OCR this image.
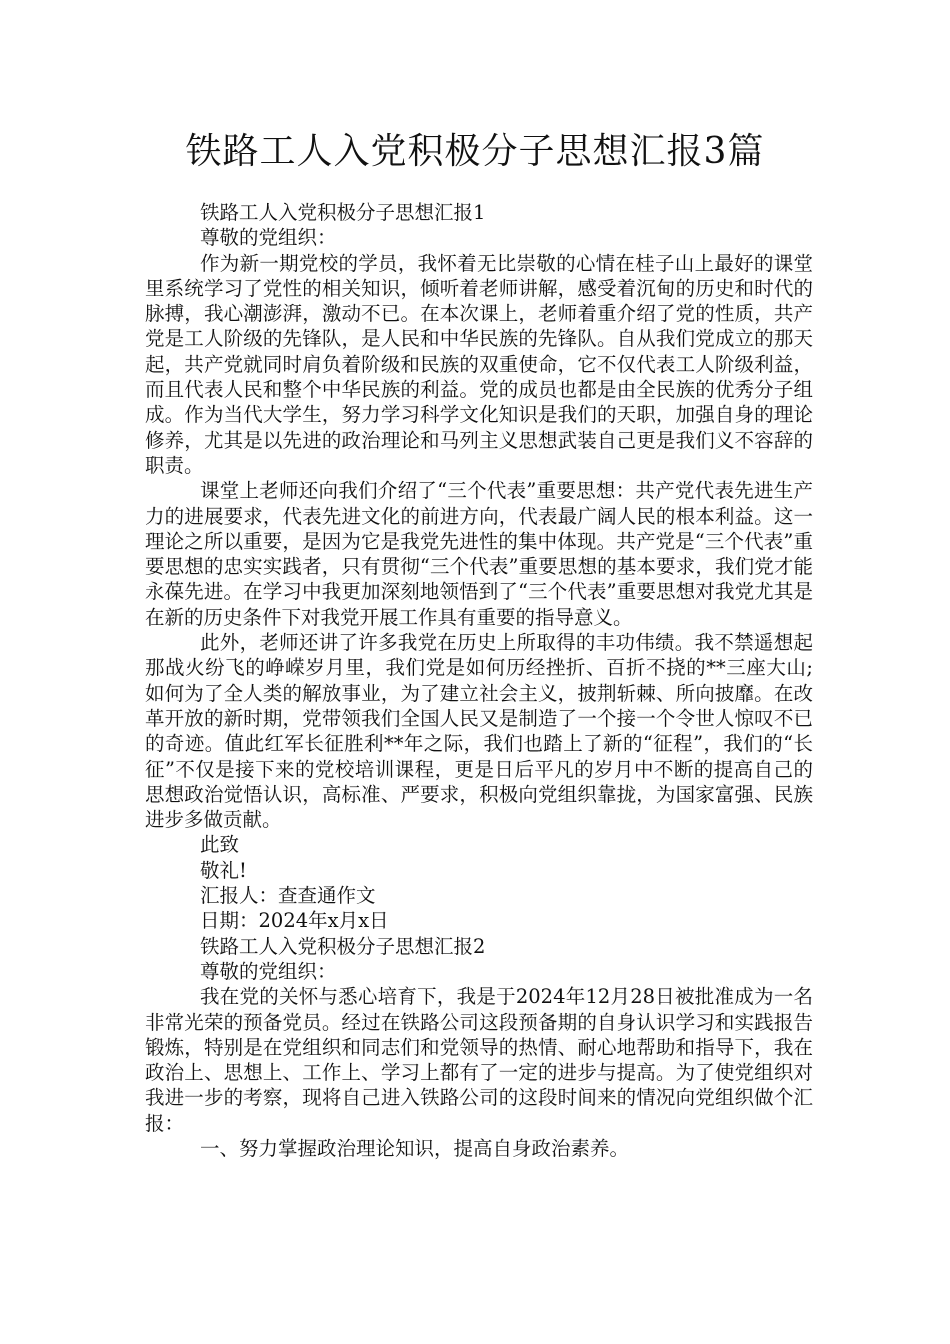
铁路工人入党积极分子思想汇报3篇

铁路工人入党积极分子思想汇报1

尊敬的党组织：

作为新一期党校的学员，我怀着无比崇敬的心情在桂子山上最好的课堂里系统学习了党性的相关知识，倾听着老师讲解，感受着沉甸的历史和时代的脉搏，我心潮澎湃，激动不已。在本次课上，老师着重介绍了党的性质，共产党是工人阶级的先锋队，是人民和中华民族的先锋队。自从我们党成立的那天起，共产党就同时肩负着阶级和民族的双重使命，它不仅代表工人阶级利益，而且代表人民和整个中华民族的利益。党的成员也都是由全民族的优秀分子组成。作为当代大学生，努力学习科学文化知识是我们的天职，加强自身的理论修养，尤其是以先进的政治理论和马列主义思想武装自己更是我们义不容辞的职责。

课堂上老师还向我们介绍了“三个代表”重要思想：共产党代表先进生产力的进展要求，代表先进文化的前进方向，代表最广阔人民的根本利益。这一理论之所以重要，是因为它是我党先进性的集中体现。共产党是“三个代表”重要思想的忠实实践者，只有贯彻“三个代表”重要思想的基本要求，我们党才能永葆先进。在学习中我更加深刻地领悟到了“三个代表”重要思想对我党尤其是在新的历史条件下对我党开展工作具有重要的指导意义。

此外，老师还讲了许多我党在历史上所取得的丰功伟绩。我不禁遥想起那战火纷飞的峥嵘岁月里，我们党是如何历经挫折、百折不挠的**三座大山;如何为了全人类的解放事业，为了建立社会主义，披荆斩棘、所向披靡。在改革开放的新时期，党带领我们全国人民又是制造了一个接一个令世人惊叹不已的奇迹。值此红军长征胜利**年之际，我们也踏上了新的“征程”，我们的“长征”不仅是接下来的党校培训课程，更是日后平凡的岁月中不断的提高自己的思想政治觉悟认识，高标准、严要求，积极向党组织靠拢，为国家富强、民族进步多做贡献。

此致

敬礼!

汇报人：查查通作文

日期：2024年x月x日

铁路工人入党积极分子思想汇报2

尊敬的党组织：

我在党的关怀与悉心培育下，我是于2024年12月28日被批准成为一名非常光荣的预备党员。经过在铁路公司这段预备期的自身认识学习和实践报告锻炼，特别是在党组织和同志们和党领导的热情、耐心地帮助和指导下，我在政治上、思想上、工作上、学习上都有了一定的进步与提高。为了使党组织对我进一步的考察，现将自己进入铁路公司的这段时间来的情况向党组织做个汇报：

一、努力掌握政治理论知识，提高自身政治素养。
